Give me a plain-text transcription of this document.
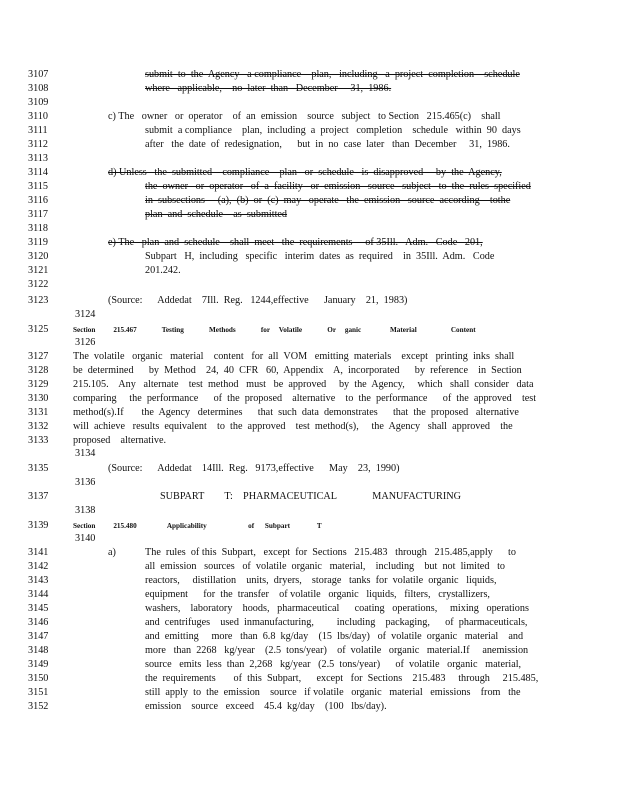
3107	submit  to  the  Agency   a compliance    plan,   including   a  project  completion    schedule
3108	where   applicable,    no  later  than   December     31,  1986.
3109
3110	c) The   owner   or  operator    of  an  emission    source   subject   to Section   215.465(c)    shall
3111	submit  a compliance    plan,  including  a  project   completion    schedule   within  90  days
3112	after   the  date  of  redesignation,      but  in  no  case  later   than  December     31,  1986.
3113
3114	d) Unless   the  submitted    compliance    plan   or  schedule   is  disapproved     by  the  Agency,
3115	the  owner   or  operator   of  a  facility   or  emission   source   subject   to  the  rules  specified
3116	in  subsections     (a),  (b)  or  (c)  may   operate   the  emission   source  according    tothe
3117	plan  and  schedule    as  submitted
3118
3119	e) The   plan  and  schedule    shall  meet   the  requirements     of 35Ill.   Adm.   Code   201,
3120	Subpart   H,  including   specific   interim  dates  as  required    in  35Ill.  Adm.   Code
3121	201.242.
3122
3123	(Source:      Addedat    7Ill.  Reg.   1244,effective      January    21,  1983)
3124
3125	Section          215.467              Testing              Methods              for     Volatile              Or     ganic                Material                   Content
3126
3127	The  volatile   organic   material    content   for  all  VOM   emitting  materials    except   printing  inks  shall
3128	be  determined      by  Method    24,  40  CFR   60,  Appendix    A,  incorporated      by  reference    in  Section
3129	215.105.    Any   alternate    test  method   must   be  approved     by  the  Agency,     which   shall  consider   data
3130	comparing     the  performance      of  the  proposed    alternative    to  the  performance      of  the  approved    test
3131	method(s).If       the  Agency   determines      that  such  data  demonstrates      that  the  proposed   alternative
3132	will  achieve   results  equivalent    to  the  approved    test  method(s),     the  Agency   shall  approved    the
3133	proposed    alternative.
3134
3135	(Source:      Addedat    14Ill.  Reg.   9173,effective      May    23,  1990)
3136
3137	SUBPART        T:    PHARMACEUTICAL              MANUFACTURING
3138
3139	Section          215.480                 Applicability                       of      Subpart               T
3140
3141	a)	The  rules  of this  Subpart,   except  for  Sections   215.483   through   215.485,apply      to
3142	all  emission   sources   of  volatile  organic   material,    including    but  not  limited   to
3143	reactors,     distillation    units,  dryers,    storage   tanks  for  volatile  organic   liquids,
3144	equipment      for  the  transfer    of volatile   organic   liquids,   filters,   crystallizers,
3145	washers,    laboratory    hoods,   pharmaceutical      coating   operations,     mixing   operations
3146	and  centrifuges    used  inmanufacturing,         including    packaging,      of  pharmaceuticals,
3147	and  emitting     more   than  6.8  kg/day    (15  lbs/day)   of  volatile  organic   material    and
3148	more   than  2268   kg/year    (2.5  tons/year)    of  volatile   organic   material.If     anemission
3149	source   emits  less  than  2,268   kg/year   (2.5  tons/year)      of  volatile   organic   material,
3150	the  requirements       of  this  Subpart,      except   for  Sections    215.483     through     215.485,
3151	still  apply  to  the  emission    source   if volatile   organic   material   emissions    from   the
3152	emission    source   exceed    45.4  kg/day    (100   lbs/day).
